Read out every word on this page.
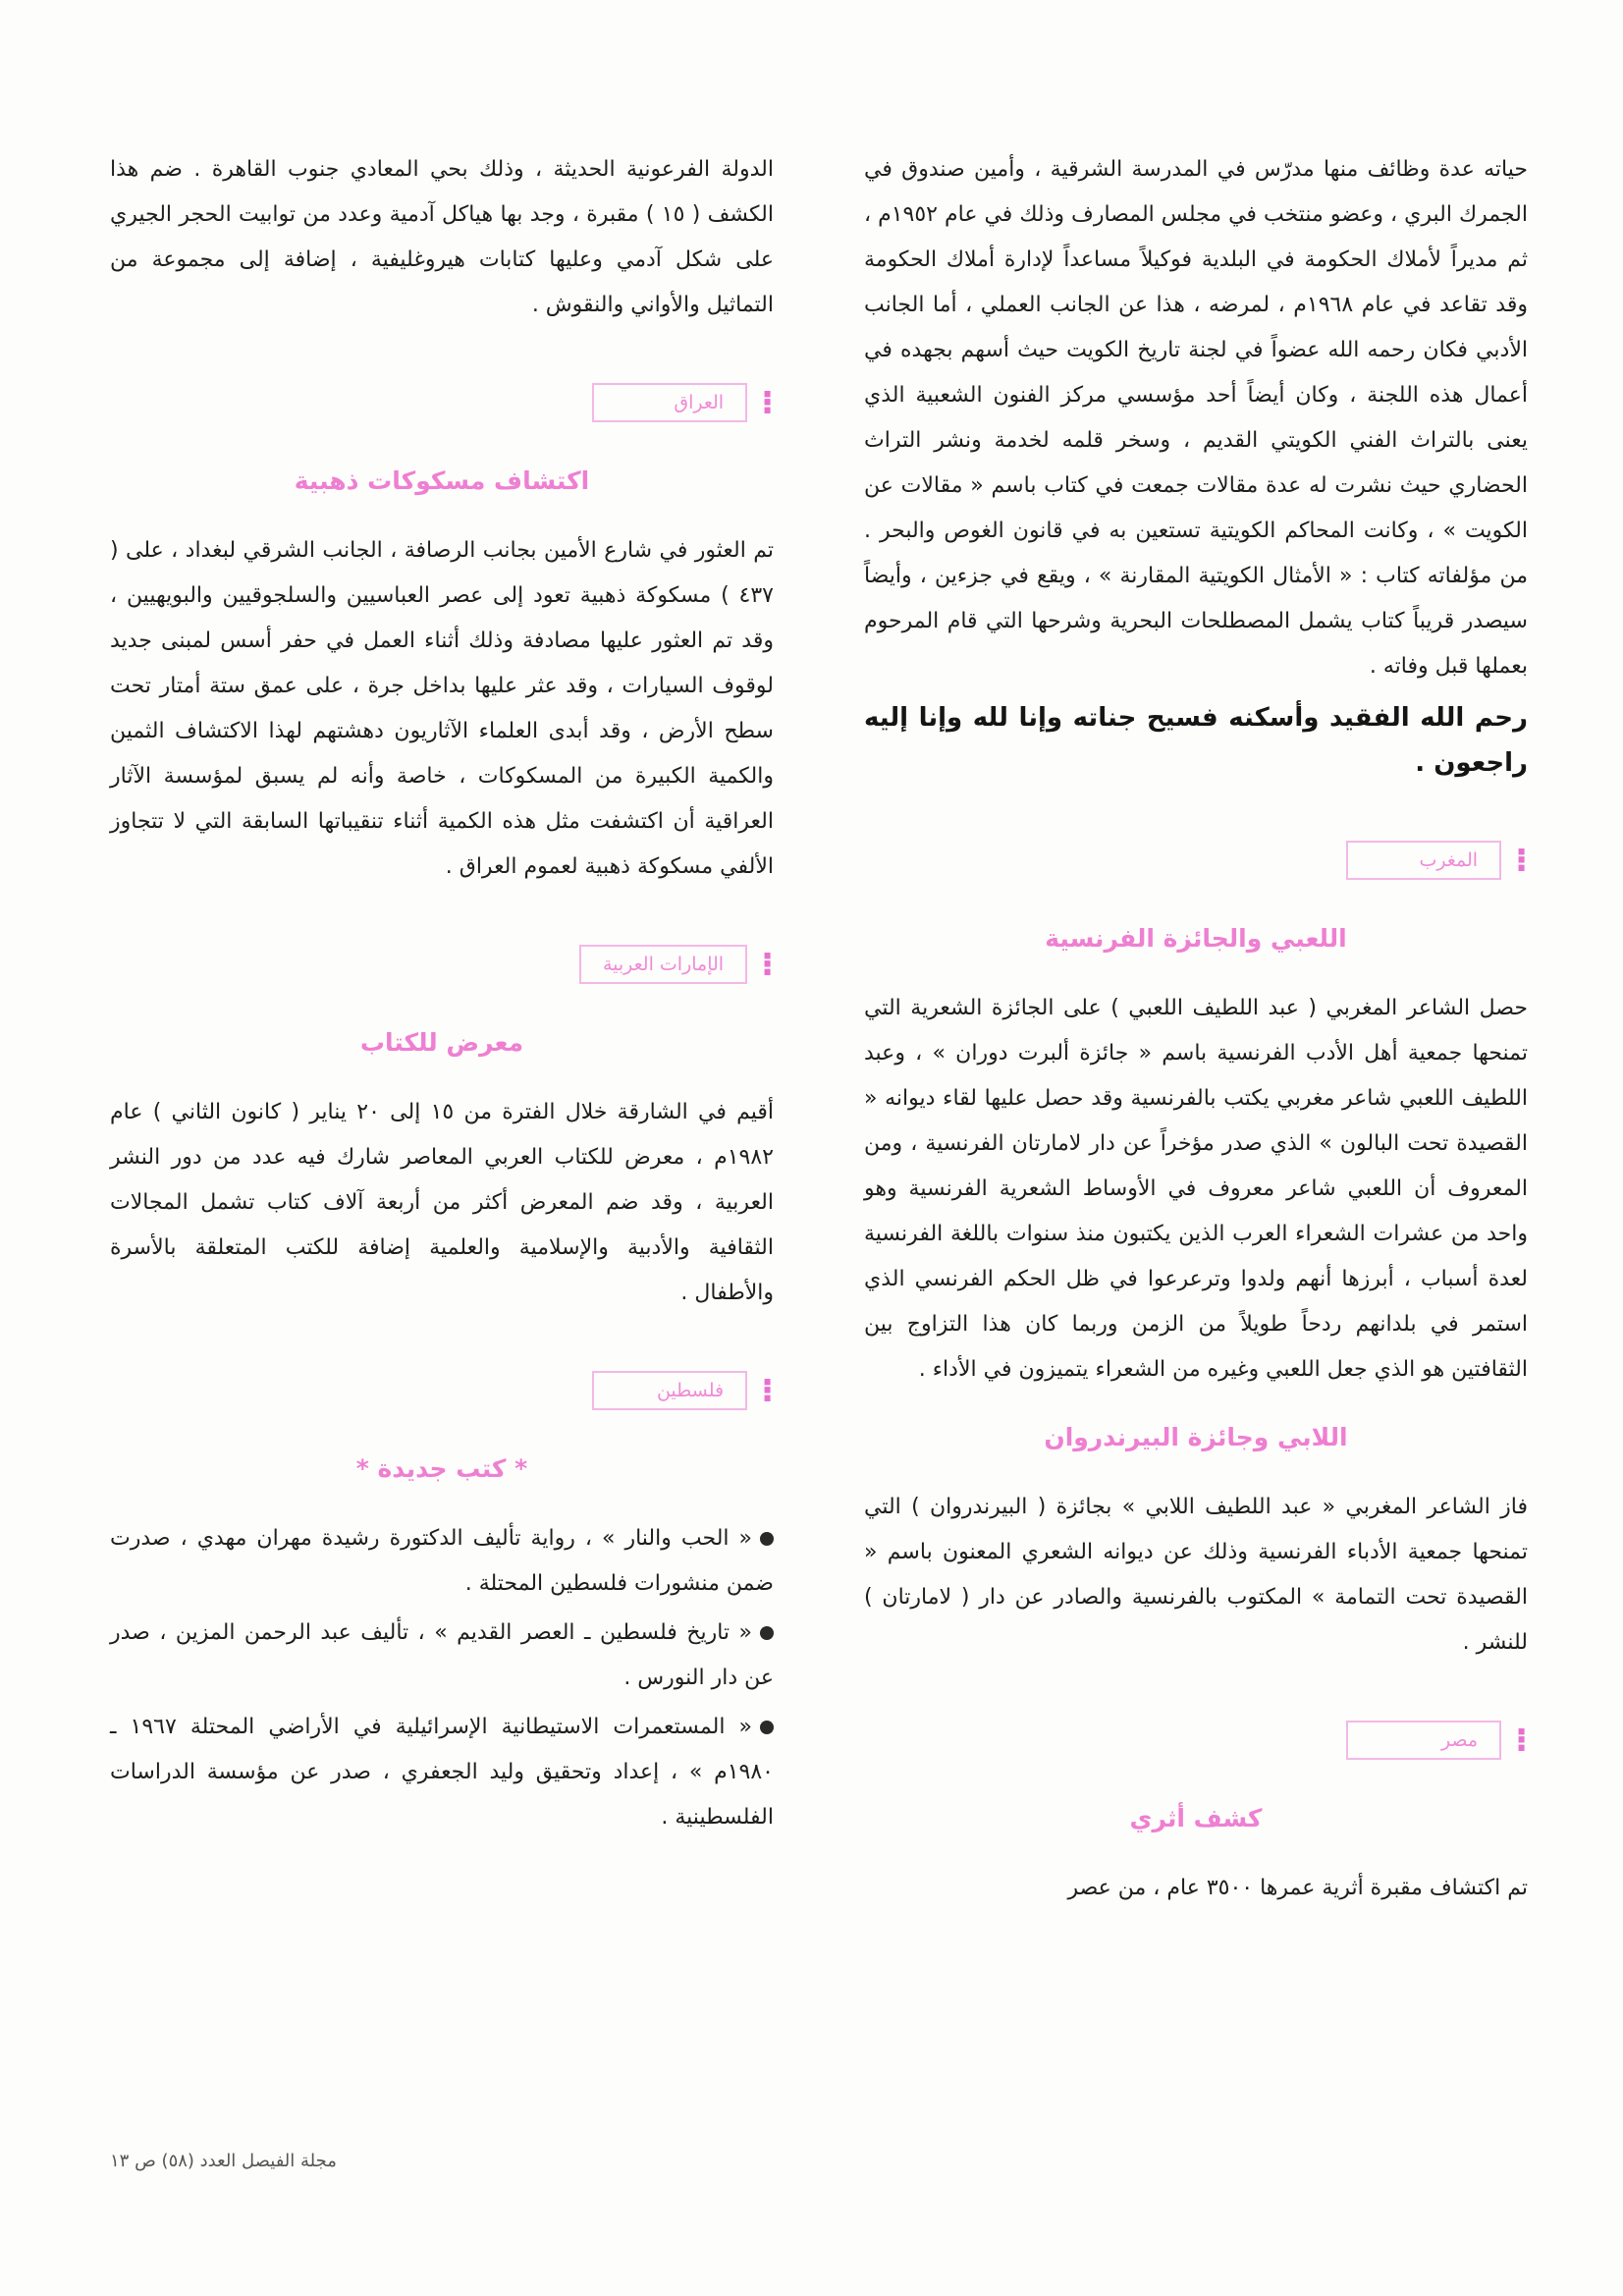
حياته عدة وظائف منها مدرّس في المدرسة الشرقية ، وأمين صندوق في الجمرك البري ، وعضو منتخب في مجلس المصارف وذلك في عام ١٩٥٢م ، ثم مديراً لأملاك الحكومة في البلدية فوكيلاً مساعداً لإدارة أملاك الحكومة وقد تقاعد في عام ١٩٦٨م ، لمرضه ، هذا عن الجانب العملي ، أما الجانب الأدبي فكان رحمه الله عضواً في لجنة تاريخ الكويت حيث أسهم بجهده في أعمال هذه اللجنة ، وكان أيضاً أحد مؤسسي مركز الفنون الشعبية الذي يعنى بالتراث الفني الكويتي القديم ، وسخر قلمه لخدمة ونشر التراث الحضاري حيث نشرت له عدة مقالات جمعت في كتاب باسم « مقالات عن الكويت » ، وكانت المحاكم الكويتية تستعين به في قانون الغوص والبحر . من مؤلفاته كتاب : « الأمثال الكويتية المقارنة » ، ويقع في جزءين ، وأيضاً سيصدر قريباً كتاب يشمل المصطلحات البحرية وشرحها التي قام المرحوم بعملها قبل وفاته .

رحم الله الفقيد وأسكنه فسيح جناته وإنا لله وإنا إليه راجعون .

⁝
المغرب
اللعبي والجائزة الفرنسية

حصل الشاعر المغربي ( عبد اللطيف اللعبي ) على الجائزة الشعرية التي تمنحها جمعية أهل الأدب الفرنسية باسم « جائزة ألبرت دوران » ، وعبد اللطيف اللعبي شاعر مغربي يكتب بالفرنسية وقد حصل عليها لقاء ديوانه « القصيدة تحت البالون » الذي صدر مؤخراً عن دار لامارتان الفرنسية ، ومن المعروف أن اللعبي شاعر معروف في الأوساط الشعرية الفرنسية وهو واحد من عشرات الشعراء العرب الذين يكتبون منذ سنوات باللغة الفرنسية لعدة أسباب ، أبرزها أنهم ولدوا وترعرعوا في ظل الحكم الفرنسي الذي استمر في بلدانهم ردحاً طويلاً من الزمن وربما كان هذا التزاوج بين الثقافتين هو الذي جعل اللعبي وغيره من الشعراء يتميزون في الأداء .

اللابي وجائزة البيرندروان

فاز الشاعر المغربي « عبد اللطيف اللابي » بجائزة ( البيرندروان ) التي تمنحها جمعية الأدباء الفرنسية وذلك عن ديوانه الشعري المعنون باسم « القصيدة تحت التمامة » المكتوب بالفرنسية والصادر عن دار ( لامارتان ) للنشر .

⁝
مصر
كشف أثري

تم اكتشاف مقبرة أثرية عمرها ٣٥٠٠ عام ، من عصر

الدولة الفرعونية الحديثة ، وذلك بحي المعادي جنوب القاهرة . ضم هذا الكشف ( ١٥ ) مقبرة ، وجد بها هياكل آدمية وعدد من توابيت الحجر الجيري على شكل آدمي وعليها كتابات هيروغليفية ، إضافة إلى مجموعة من التماثيل والأواني والنقوش .

⁝
العراق
اكتشاف مسكوكات ذهبية

تم العثور في شارع الأمين بجانب الرصافة ، الجانب الشرقي لبغداد ، على ( ٤٣٧ ) مسكوكة ذهبية تعود إلى عصر العباسيين والسلجوقيين والبويهيين ، وقد تم العثور عليها مصادفة وذلك أثناء العمل في حفر أسس لمبنى جديد لوقوف السيارات ، وقد عثر عليها بداخل جرة ، على عمق ستة أمتار تحت سطح الأرض ، وقد أبدى العلماء الآثاريون دهشتهم لهذا الاكتشاف الثمين والكمية الكبيرة من المسكوكات ، خاصة وأنه لم يسبق لمؤسسة الآثار العراقية أن اكتشفت مثل هذه الكمية أثناء تنقيباتها السابقة التي لا تتجاوز الألفي مسكوكة ذهبية لعموم العراق .

⁝
الإمارات العربية
معرض للكتاب

أقيم في الشارقة خلال الفترة من ١٥ إلى ٢٠ يناير ( كانون الثاني ) عام ١٩٨٢م ، معرض للكتاب العربي المعاصر شارك فيه عدد من دور النشر العربية ، وقد ضم المعرض أكثر من أربعة آلاف كتاب تشمل المجالات الثقافية والأدبية والإسلامية والعلمية إضافة للكتب المتعلقة بالأسرة والأطفال .

⁝
فلسطين
* كتب جديدة *

« الحب والنار » ، رواية تأليف الدكتورة رشيدة مهران مهدي ، صدرت ضمن منشورات فلسطين المحتلة .

« تاريخ فلسطين ـ العصر القديم » ، تأليف عبد الرحمن المزين ، صدر عن دار النورس .

« المستعمرات الاستيطانية الإسرائيلية في الأراضي المحتلة ١٩٦٧ ـ ١٩٨٠م » ، إعداد وتحقيق وليد الجعفري ، صدر عن مؤسسة الدراسات الفلسطينية .

مجلة الفيصل العدد (٥٨) ص ١٣
